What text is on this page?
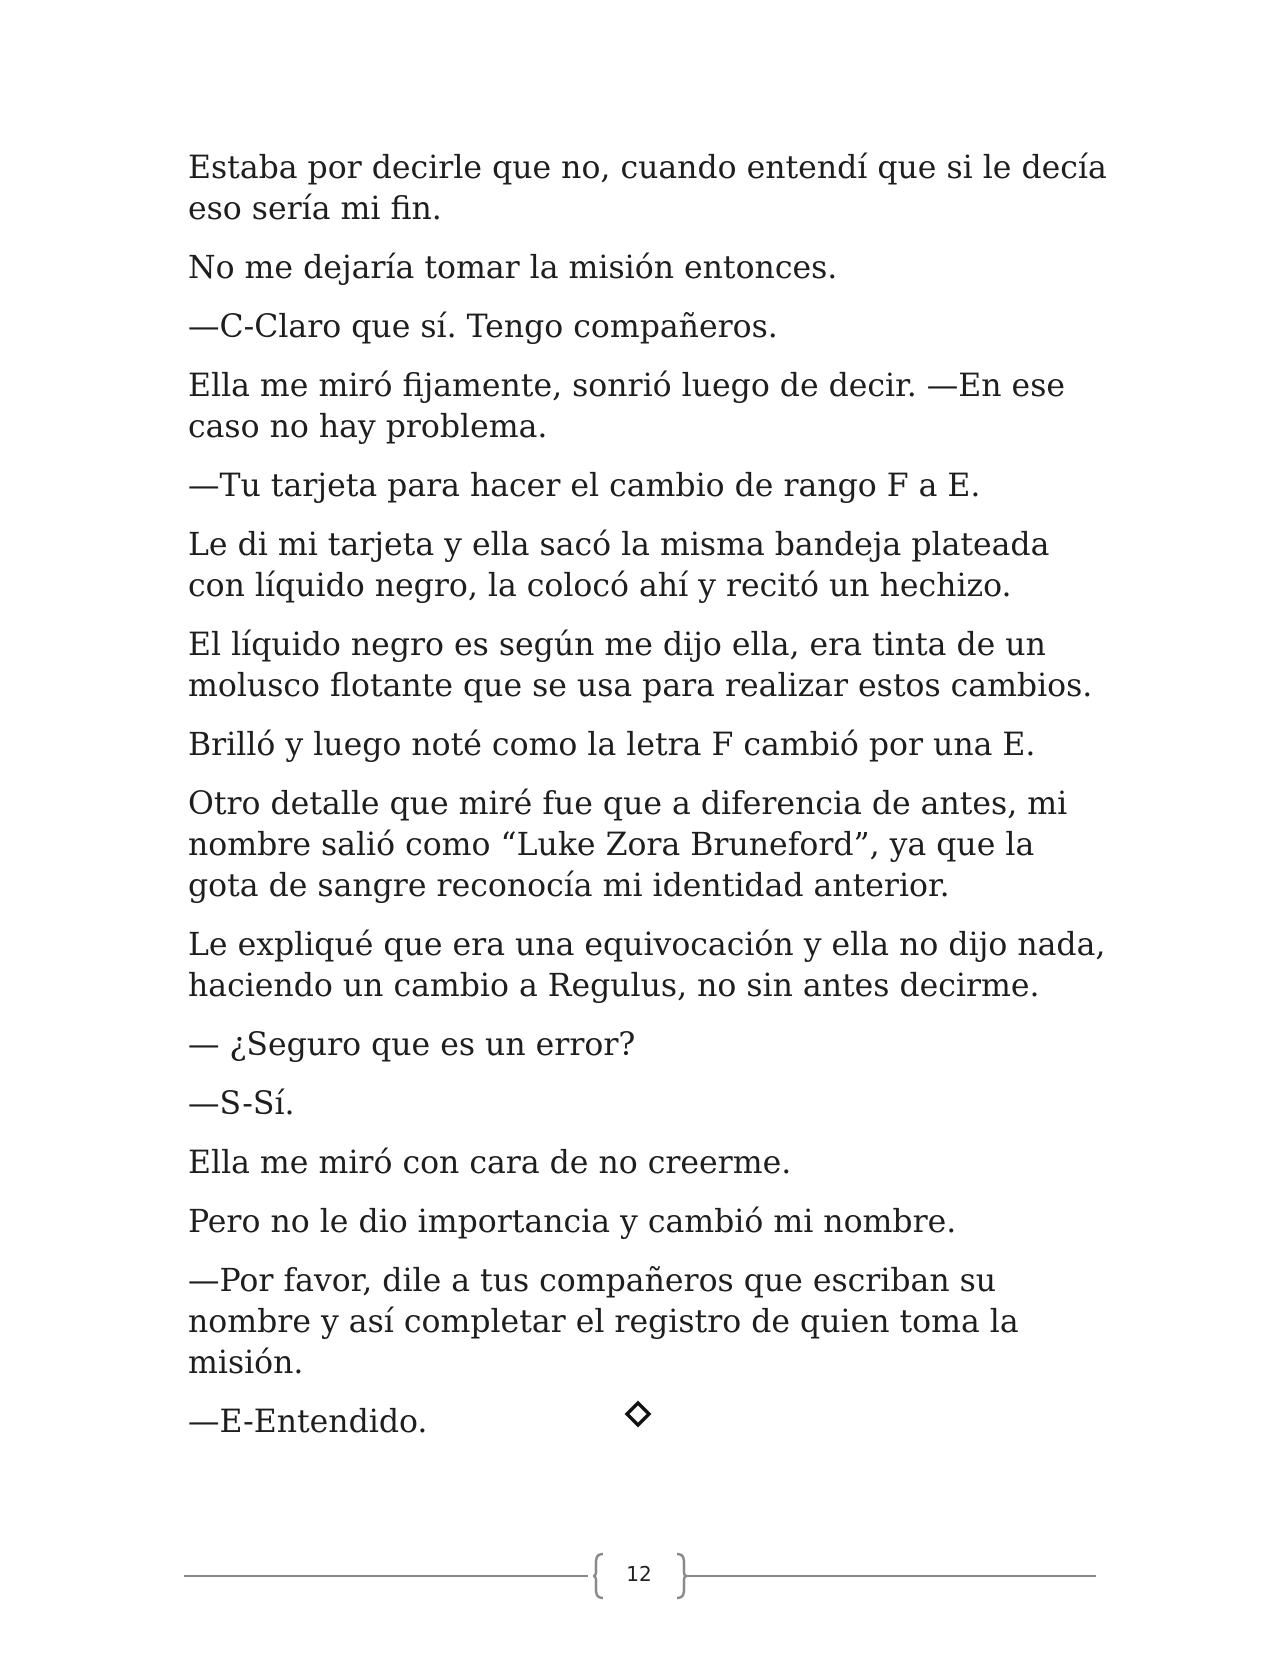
Estaba por decirle que no, cuando entendí que si le decía eso sería mi fin.

No me dejaría tomar la misión entonces.

—C-Claro que sí. Tengo compañeros.

Ella me miró fijamente, sonrió luego de decir. —En ese caso no hay problema.

—Tu tarjeta para hacer el cambio de rango F a E.

Le di mi tarjeta y ella sacó la misma bandeja plateada con líquido negro, la colocó ahí y recitó un hechizo.

El líquido negro es según me dijo ella, era tinta de un molusco flotante que se usa para realizar estos cambios.

Brilló y luego noté como la letra F cambió por una E.

Otro detalle que miré fue que a diferencia de antes, mi nombre salió como “Luke Zora Bruneford”, ya que la gota de sangre reconocía mi identidad anterior.

Le expliqué que era una equivocación y ella no dijo nada, haciendo un cambio a Regulus, no sin antes decirme.

— ¿Seguro que es un error?

—S-Sí.

Ella me miró con cara de no creerme.

Pero no le dio importancia y cambió mi nombre.

—Por favor, dile a tus compañeros que escriban su nombre y así completar el registro de quien toma la misión.

—E-Entendido.

12
